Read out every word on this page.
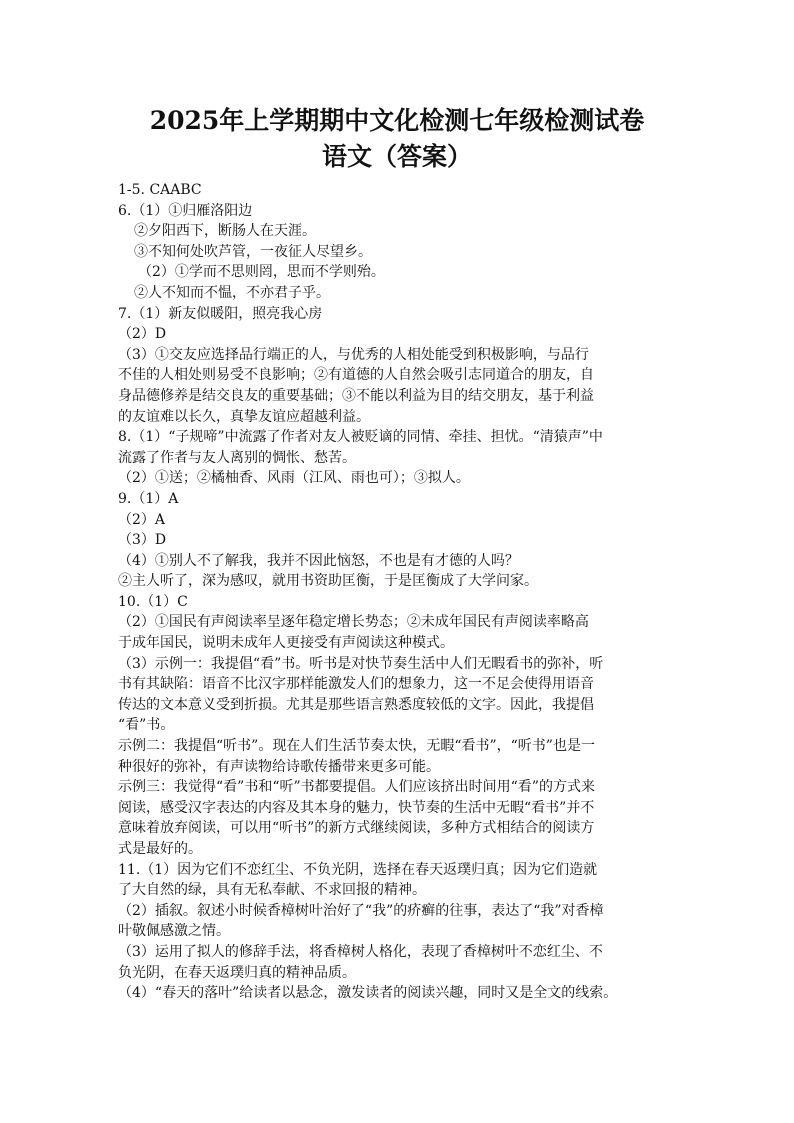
2025年上学期期中文化检测七年级检测试卷
语文（答案）
1-5. CAABC
6.（1）①归雁洛阳边
②夕阳西下，断肠人在天涯。
③不知何处吹芦管，一夜征人尽望乡。
（2）①学而不思则罔，思而不学则殆。
②人不知而不愠，不亦君子乎。
7.（1）新友似暖阳，照亮我心房
（2）D
（3）①交友应选择品行端正的人，与优秀的人相处能受到积极影响，与品行
不佳的人相处则易受不良影响；②有道德的人自然会吸引志同道合的朋友，自
身品德修养是结交良友的重要基础；③不能以利益为目的结交朋友，基于利益
的友谊难以长久，真挚友谊应超越利益。
8.（1）“子规啼”中流露了作者对友人被贬谪的同情、牵挂、担忧。“清猿声”中
流露了作者与友人离别的惆怅、愁苦。
（2）①送；②橘柚香、风雨（江风、雨也可）；③拟人。
9.（1）A
（2）A
（3）D
（4）①别人不了解我，我并不因此恼怒，不也是有才德的人吗？
②主人听了，深为感叹，就用书资助匡衡，于是匡衡成了大学问家。
10.（1）C
（2）①国民有声阅读率呈逐年稳定增长势态；②未成年国民有声阅读率略高
于成年国民，说明未成年人更接受有声阅读这种模式。
（3）示例一：我提倡“看”书。听书是对快节奏生活中人们无暇看书的弥补，听
书有其缺陷：语音不比汉字那样能激发人们的想象力，这一不足会使得用语音
传达的文本意义受到折损。尤其是那些语言熟悉度较低的文字。因此，我提倡
“看”书。
示例二：我提倡“听书”。现在人们生活节奏太快，无暇“看书”，“听书”也是一
种很好的弥补，有声读物给诗歌传播带来更多可能。
示例三：我觉得“看”书和“听”书都要提倡。人们应该挤出时间用“看”的方式来
阅读，感受汉字表达的内容及其本身的魅力，快节奏的生活中无暇“看书”并不
意味着放弃阅读，可以用“听书”的新方式继续阅读，多种方式相结合的阅读方
式是最好的。
11.（1）因为它们不恋红尘、不负光阴，选择在春天返璞归真；因为它们造就
了大自然的绿，具有无私奉献、不求回报的精神。
（2）插叙。叙述小时候香樟树叶治好了“我”的疥癣的往事，表达了“我”对香樟
叶敬佩感激之情。
（3）运用了拟人的修辞手法，将香樟树人格化，表现了香樟树叶不恋红尘、不
负光阴，在春天返璞归真的精神品质。
（4）“春天的落叶”给读者以悬念，激发读者的阅读兴趣，同时又是全文的线索。
